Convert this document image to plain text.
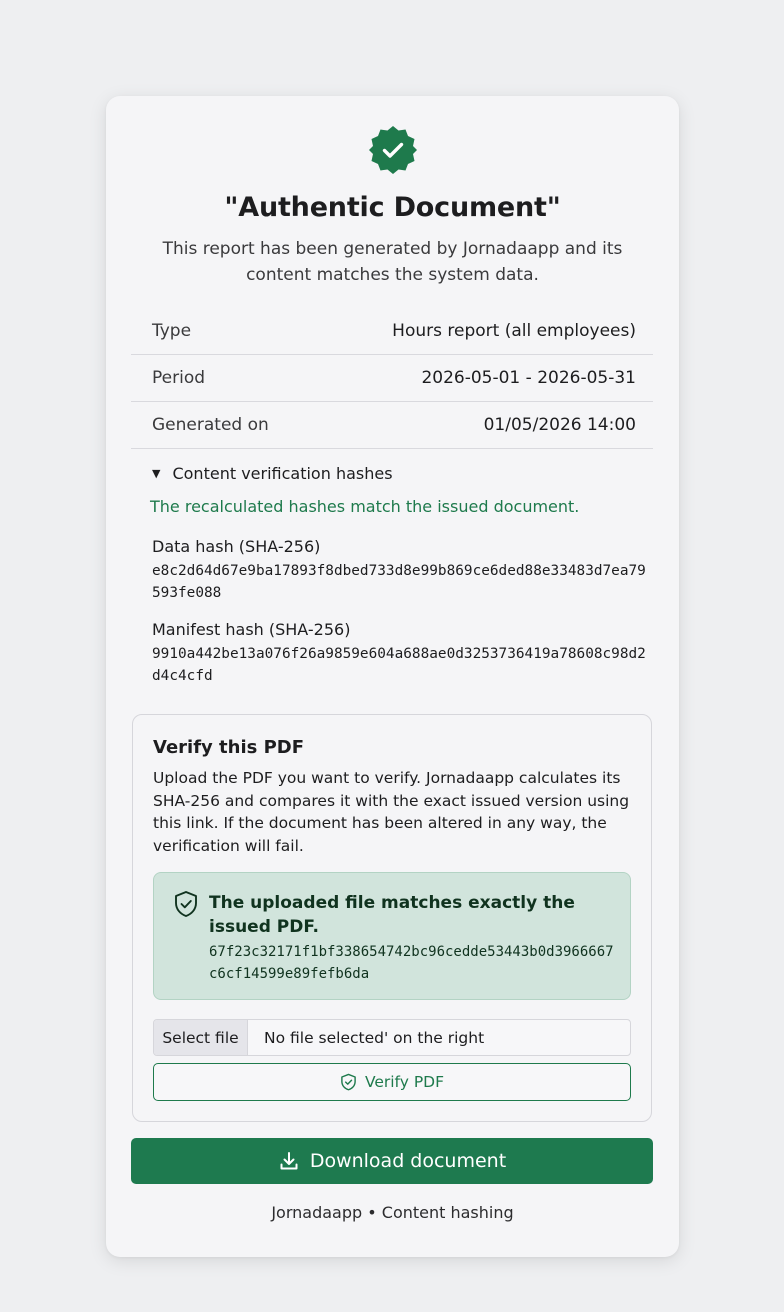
"Authentic Document"
This report has been generated by Jornadaapp and its content matches the system data.
Type	Hours report (all employees)
Period	2026-05-01 - 2026-05-31
Generated on	01/05/2026 14:00
▼ Content verification hashes
The recalculated hashes match the issued document.
Data hash (SHA-256)
e8c2d64d67e9ba17893f8dbed733d8e99b869ce6ded88e33483d7ea79593fe088
Manifest hash (SHA-256)
9910a442be13a076f26a9859e604a688ae0d3253736419a78608c98d2d4c4cfd
Verify this PDF
Upload the PDF you want to verify. Jornadaapp calculates its SHA-256 and compares it with the exact issued version using this link. If the document has been altered in any way, the verification will fail.
The uploaded file matches exactly the issued PDF.
67f23c32171f1bf338654742bc96cedde53443b0d3966667c6cf14599e89fefb6da
Select file	No file selected' on the right
Verify PDF
Download document
Jornadaapp • Content hashing
